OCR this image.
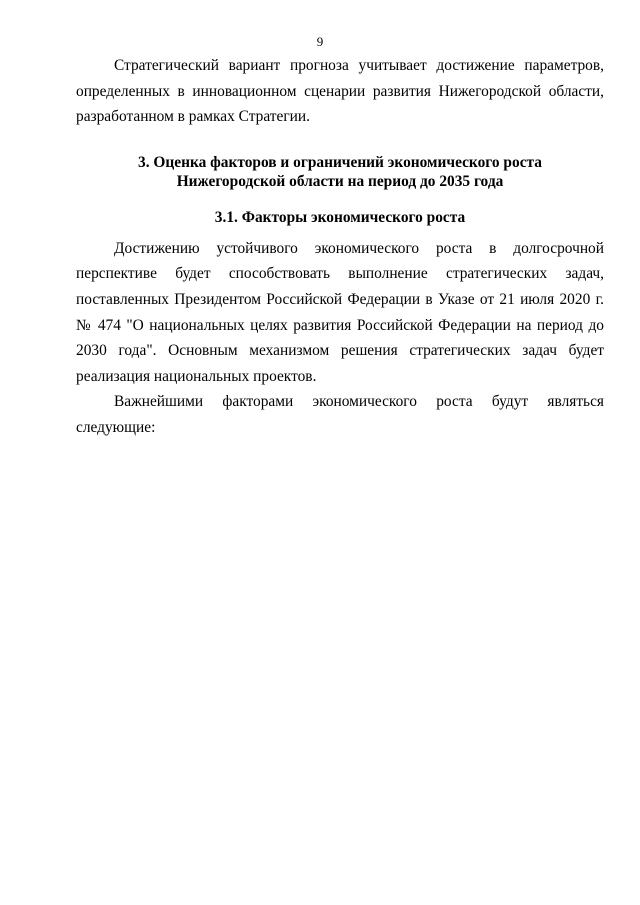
9

Стратегический вариант прогноза учитывает достижение параметров, определенных в инновационном сценарии развития Нижегородской области, разработанном в рамках Стратегии.

3. Оценка факторов и ограничений экономического роста
Нижегородской области на период до 2035 года
3.1. Факторы экономического роста

Достижению устойчивого экономического роста в долгосрочной перспективе будет способствовать выполнение стратегических задач, поставленных Президентом Российской Федерации в Указе от 21 июля 2020 г. № 474 "О национальных целях развития Российской Федерации на период до 2030 года". Основным механизмом решения стратегических задач будет реализация национальных проектов.

Важнейшими факторами экономического роста будут являться следующие:
